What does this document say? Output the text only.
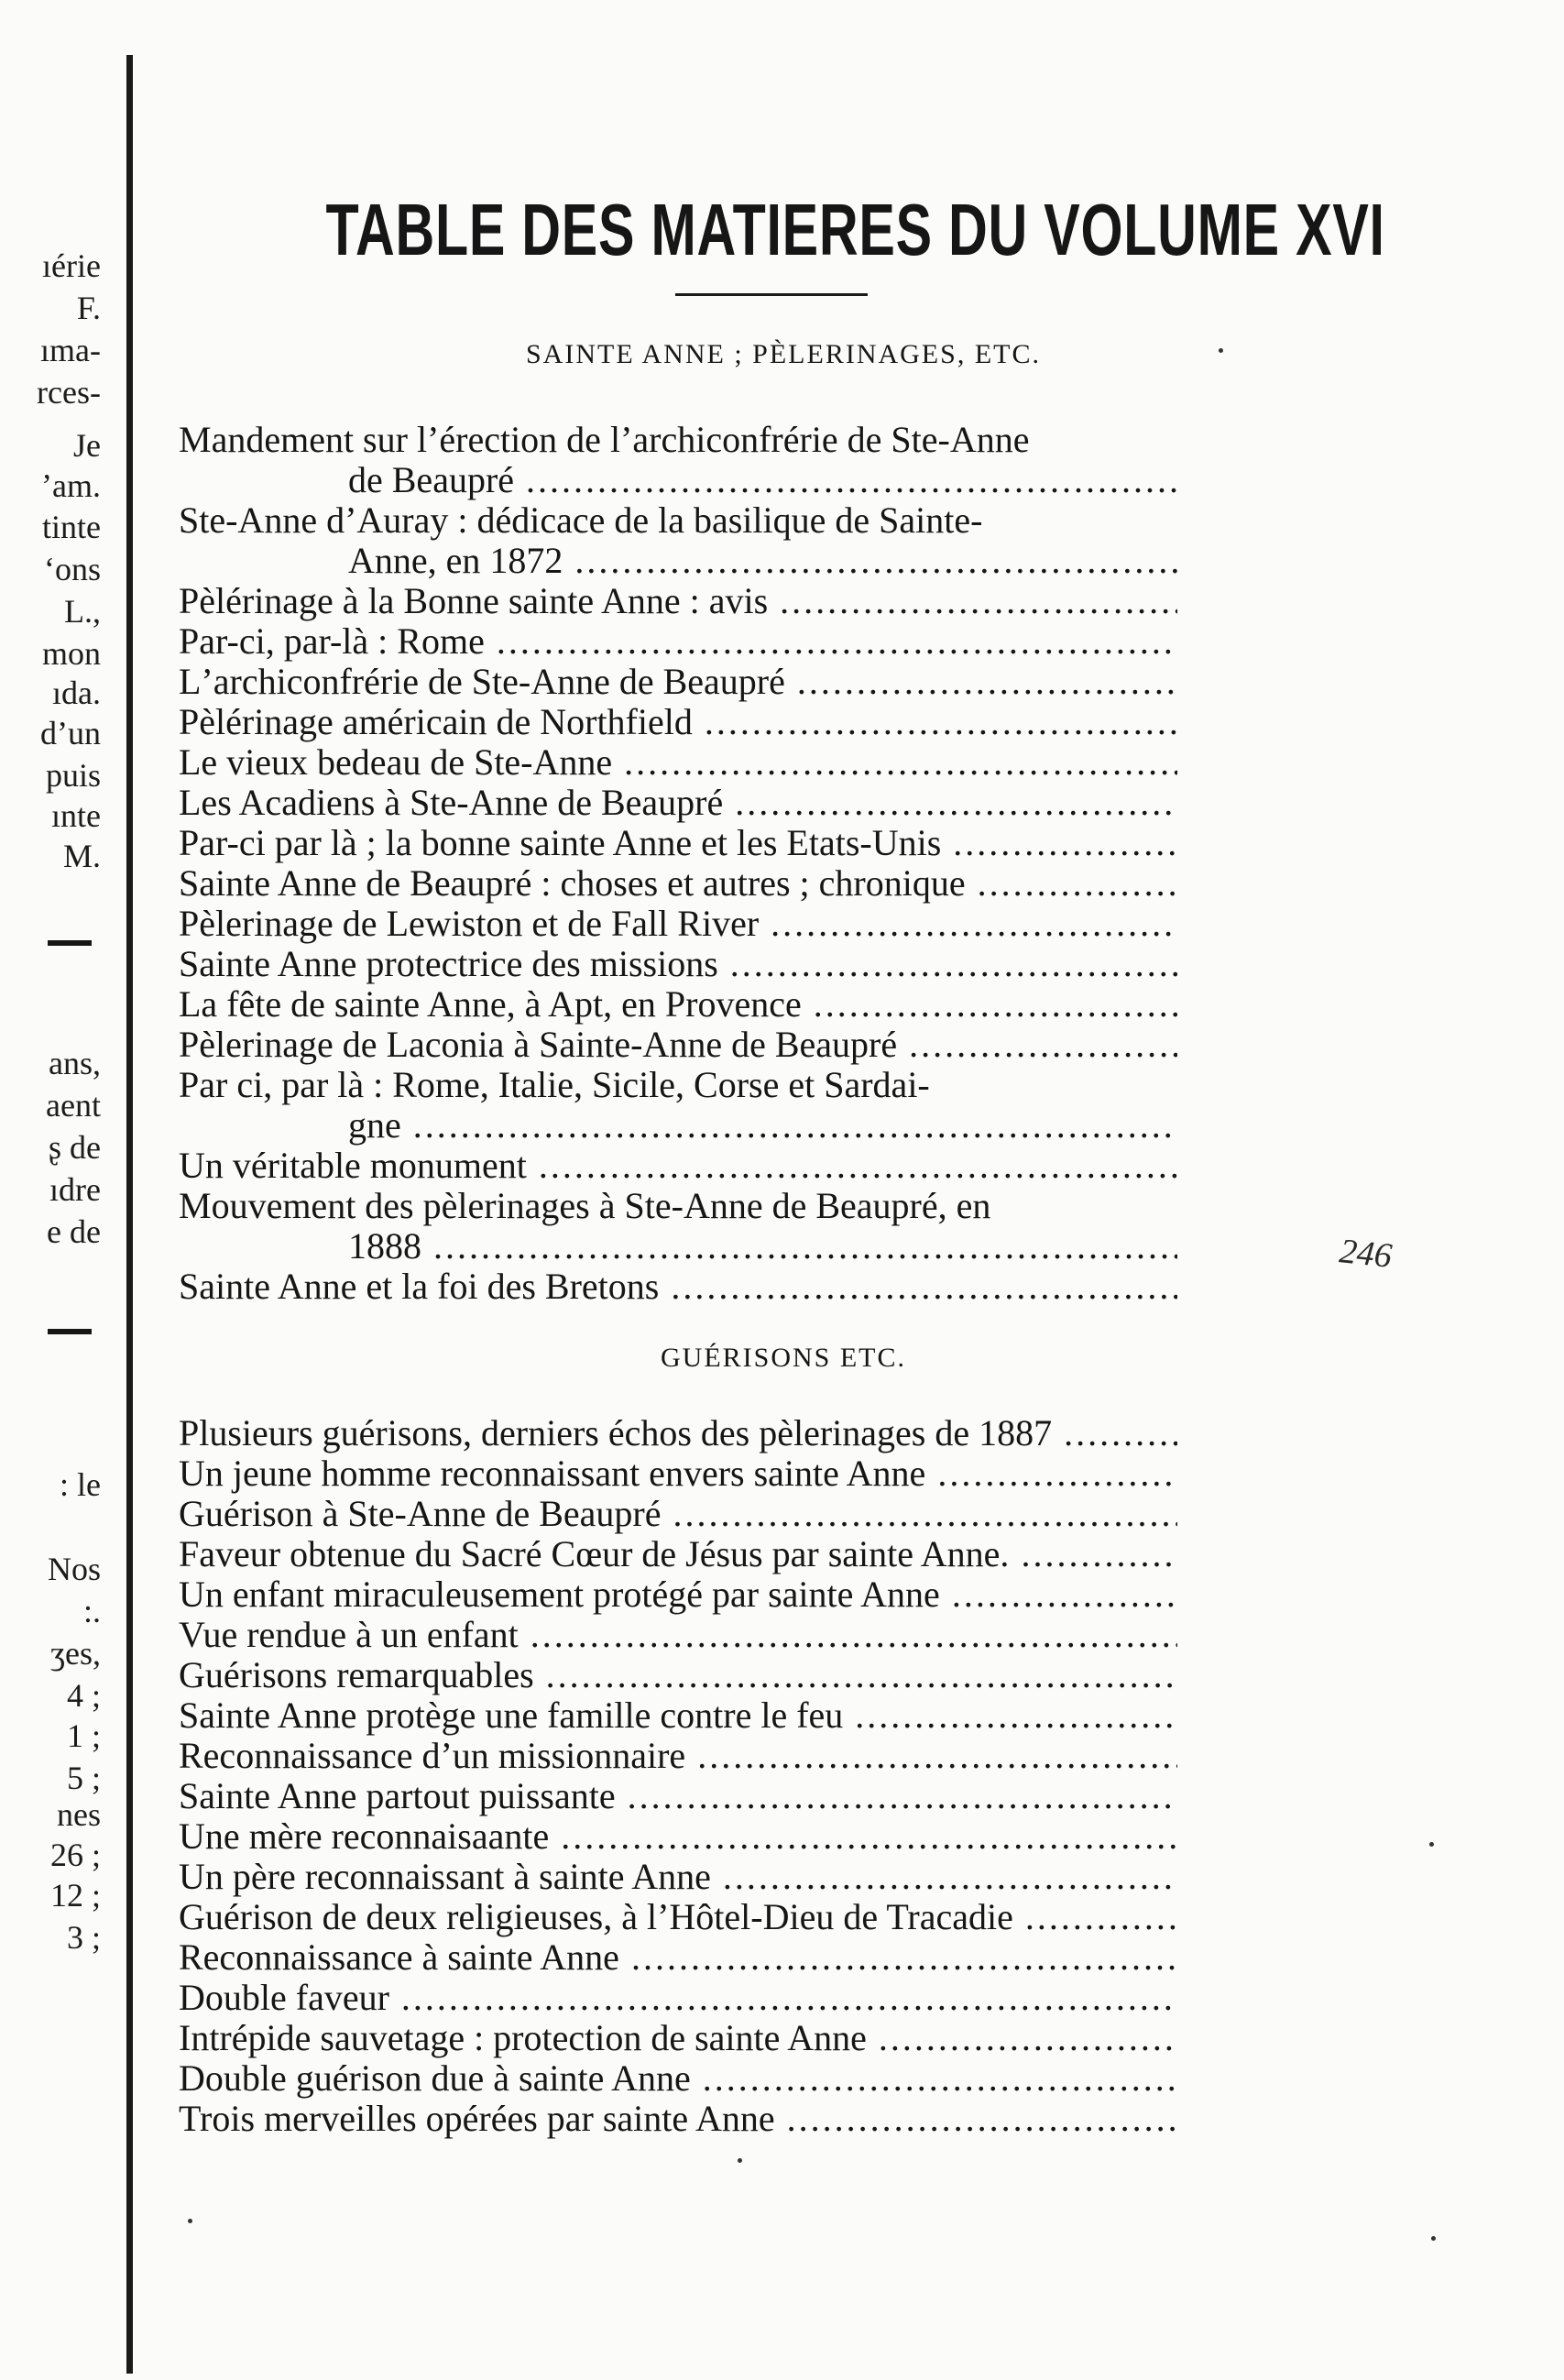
ıérie
F.
ıma-
rces-
Je
ʼam.
tinte
ʻons
L.,
mon
ıda.
dʼun
puis
ınte
M.
ans,
aent
ʂ de
ıdre
e de
: le
Nos
:.
ʒes,
4 ;
1 ;
5 ;
nes
26 ;
12 ;
3 ;
TABLE DES MATIERES DU VOLUME XVI
SAINTE ANNE ; PÈLERINAGES, ETC.
Mandement sur lʼérection de lʼarchiconfrérie de Ste-Anne
de Beaupré .....
Ste-Anne dʼAuray : dédicace de la basilique de Sainte-
Anne, en 1872 .....
Pèlérinage à la Bonne sainte Anne : avis .....
Par-ci, par-là : Rome .....
Lʼarchiconfrérie de Ste-Anne de Beaupré .....
Pèlérinage américain de Northfield .....
Le vieux bedeau de Ste-Anne .....
Les Acadiens à Ste-Anne de Beaupré .....
Par-ci par là ; la bonne sainte Anne et les Etats-Unis .....
Sainte Anne de Beaupré : choses et autres ; chronique .....
Pèlerinage de Lewiston et de Fall River .....
Sainte Anne protectrice des missions .....
La fête de sainte Anne, à Apt, en Provence .....
Pèlerinage de Laconia à Sainte-Anne de Beaupré .....
Par ci, par là : Rome, Italie, Sicile, Corse et Sardai-
gne .....
Un véritable monument .....
Mouvement des pèlerinages à Ste-Anne de Beaupré, en
1888 .....
Sainte Anne et la foi des Bretons .....
GUÉRISONS ETC.
Plusieurs guérisons, derniers échos des pèlerinages de 1887 .....
Un jeune homme reconnaissant envers sainte Anne .....
Guérison à Ste-Anne de Beaupré .....
Faveur obtenue du Sacré Cœur de Jésus par sainte Anne. .....
Un enfant miraculeusement protégé par sainte Anne .....
Vue rendue à un enfant .....
Guérisons remarquables .....
Sainte Anne protège une famille contre le feu .....
Reconnaissance dʼun missionnaire .....
Sainte Anne partout puissante .....
Une mère reconnaisaante .....
Un père reconnaissant à sainte Anne .....
Guérison de deux religieuses, à lʼHôtel-Dieu de Tracadie .....
Reconnaissance à sainte Anne .....
Double faveur .....
Intrépide sauvetage : protection de sainte Anne .....
Double guérison due à sainte Anne .....
Trois merveilles opérées par sainte Anne .....
246
